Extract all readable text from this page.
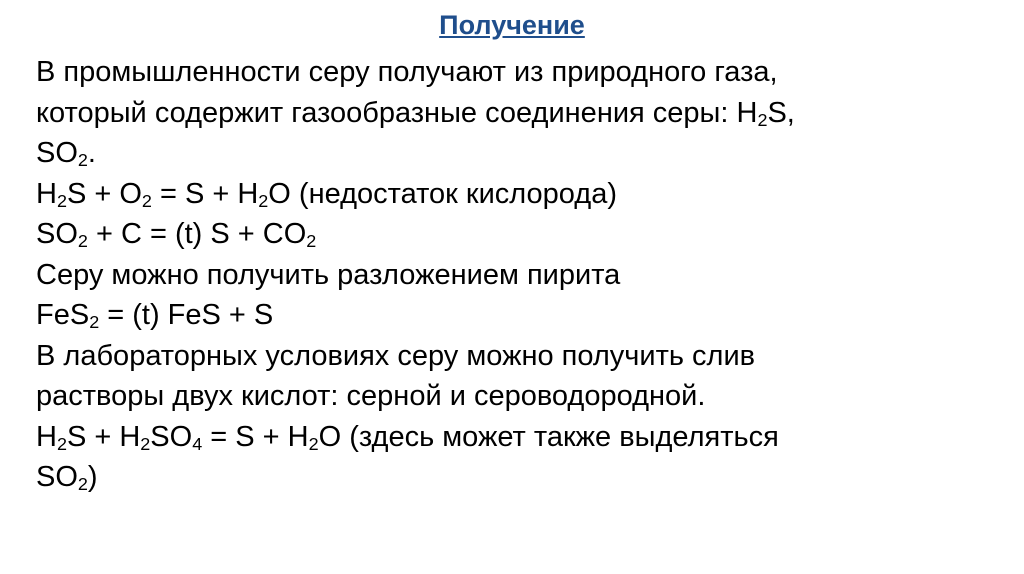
Получение
В промышленности серу получают из природного газа,
который содержит газообразные соединения серы: $H_2S$,
$SO_2$.
$H_2S + O_2 = S + H_2O$ (недостаток кислорода)
$SO_2 + C = (t) S + CO_2$
Серу можно получить разложением пирита
FeS$_2$ = (t) FeS + S
В лабораторных условиях серу можно получить слив
растворы двух кислот: серной и сероводородной.
$H_2S + H_2SO_4 = S + H_2O$ (здесь может также выделяться
$SO_2$)
